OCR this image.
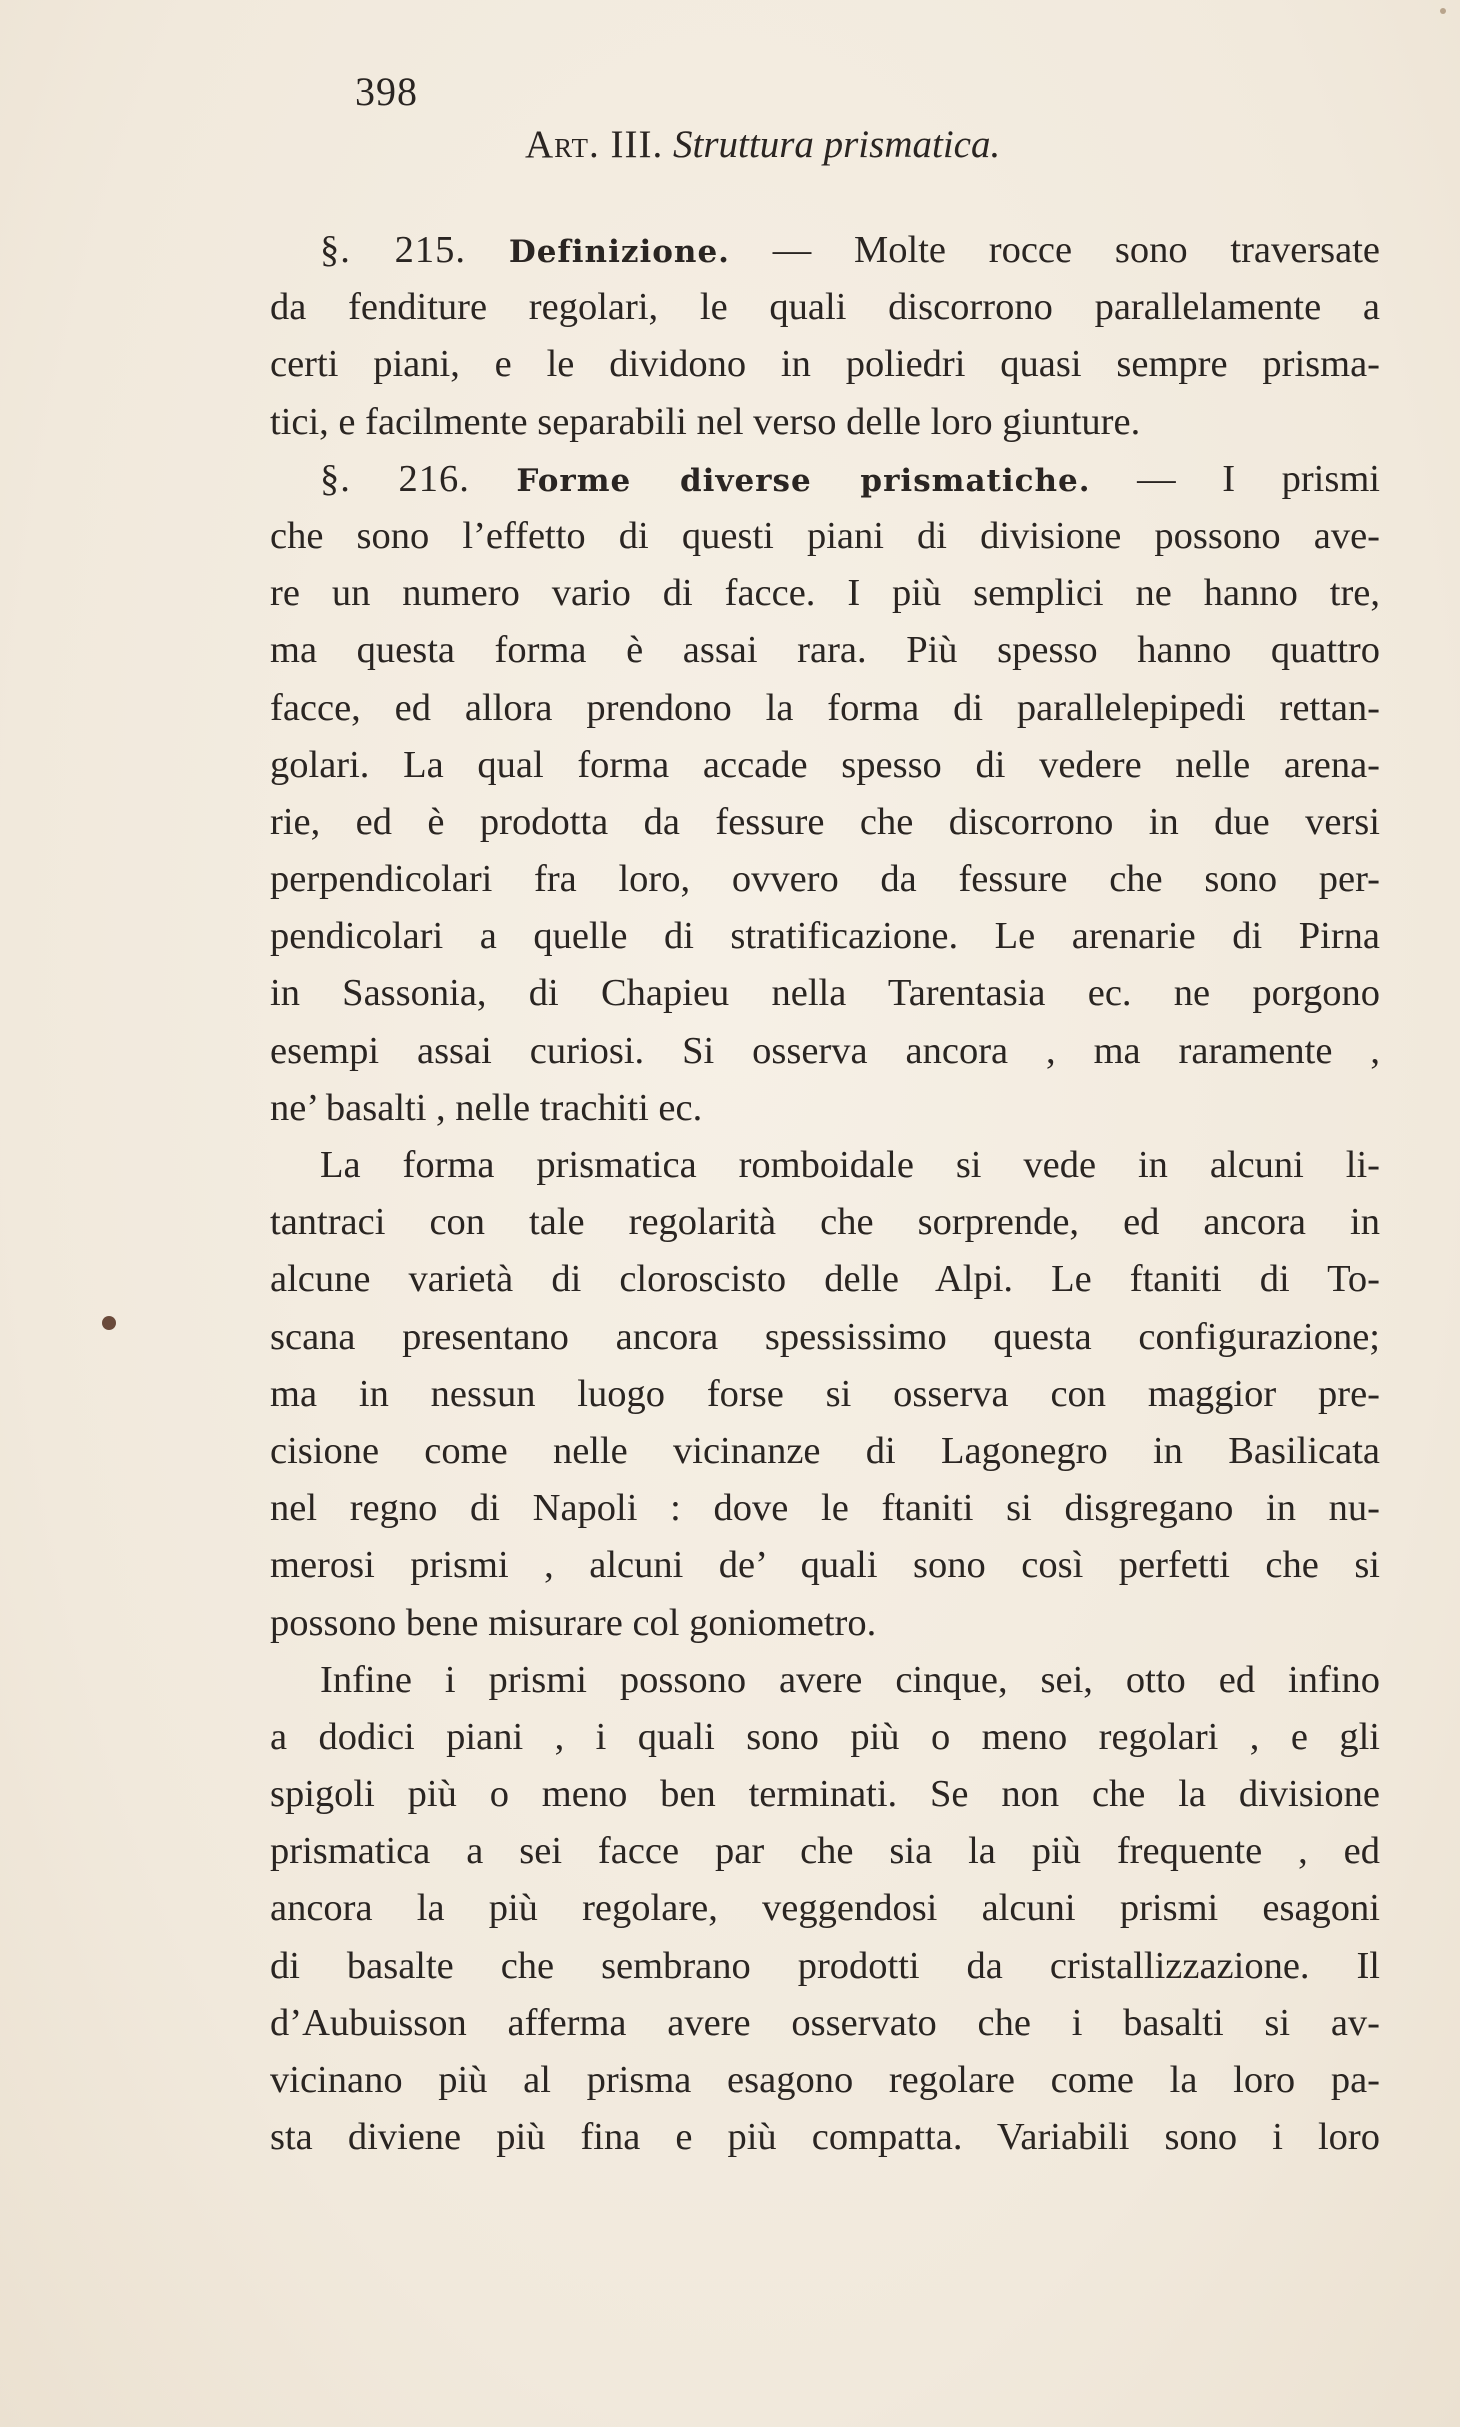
398
Art. III. Struttura prismatica.
§. 215. Definizione. — Molte rocce sono traversate
da fenditure regolari, le quali discorrono parallelamente a
certi piani, e le dividono in poliedri quasi sempre prisma-
tici, e facilmente separabili nel verso delle loro giunture.
§. 216. Forme diverse prismatiche. — I prismi
che sono l’effetto di questi piani di divisione possono ave-
re un numero vario di facce. I più semplici ne hanno tre,
ma questa forma è assai rara. Più spesso hanno quattro
facce, ed allora prendono la forma di parallelepipedi rettan-
golari. La qual forma accade spesso di vedere nelle arena-
rie, ed è prodotta da fessure che discorrono in due versi
perpendicolari fra loro, ovvero da fessure che sono per-
pendicolari a quelle di stratificazione. Le arenarie di Pirna
in Sassonia, di Chapieu nella Tarentasia ec. ne porgono
esempi assai curiosi. Si osserva ancora , ma raramente ,
ne’ basalti , nelle trachiti ec.
La forma prismatica romboidale si vede in alcuni li-
tantraci con tale regolarità che sorprende, ed ancora in
alcune varietà di cloroscisto delle Alpi. Le ftaniti di To-
scana presentano ancora spessissimo questa configurazione;
ma in nessun luogo forse si osserva con maggior pre-
cisione come nelle vicinanze di Lagonegro in Basilicata
nel regno di Napoli : dove le ftaniti si disgregano in nu-
merosi prismi , alcuni de’ quali sono così perfetti che si
possono bene misurare col goniometro.
Infine i prismi possono avere cinque, sei, otto ed infino
a dodici piani , i quali sono più o meno regolari , e gli
spigoli più o meno ben terminati. Se non che la divisione
prismatica a sei facce par che sia la più frequente , ed
ancora la più regolare, veggendosi alcuni prismi esagoni
di basalte che sembrano prodotti da cristallizzazione. Il
d’Aubuisson afferma avere osservato che i basalti si av-
vicinano più al prisma esagono regolare come la loro pa-
sta diviene più fina e più compatta. Variabili sono i loro
